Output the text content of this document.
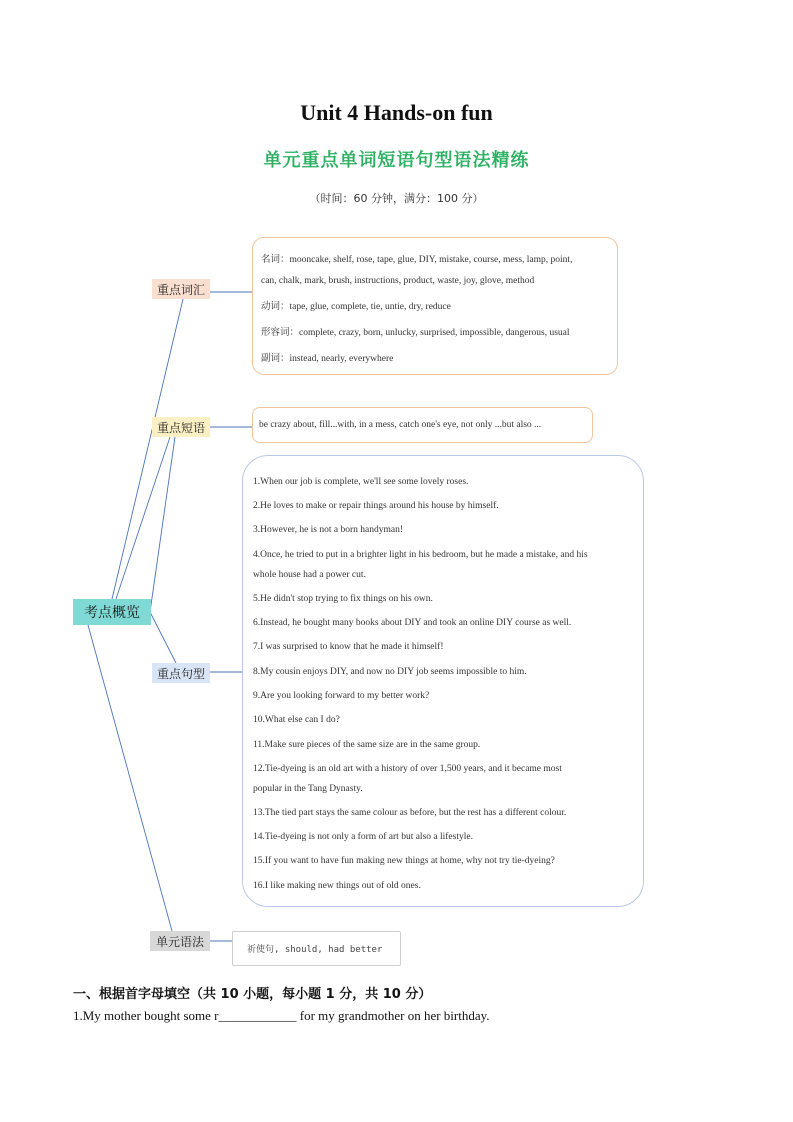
Unit 4 Hands-on fun
单元重点单词短语句型语法精练
（时间：60 分钟，满分：100 分）
考点概览
重点词汇
重点短语
重点句型
单元语法
名词：mooncake, shelf, rose, tape, glue, DIY, mistake, course, mess, lamp, point,
can, chalk, mark, brush, instructions, product, waste, joy, glove, method
动词：tape, glue, complete, tie, untie, dry, reduce
形容词：complete, crazy, born, unlucky, surprised, impossible, dangerous, usual
副词：instead, nearly, everywhere
be crazy about, fill...with, in a mess, catch one's eye, not only ...but also ...
1.When our job is complete, we'll see some lovely roses.
2.He loves to make or repair things around his house by himself.
3.However, he is not a born handyman!
4.Once, he tried to put in a brighter light in his bedroom, but he made a mistake, and his
whole house had a power cut.
5.He didn't stop trying to fix things on his own.
6.Instead, he bought many books about DIY and took an online DIY course as well.
7.I was surprised to know that he made it himself!
8.My cousin enjoys DIY, and now no DIY job seems impossible to him.
9.Are you looking forward to my better work?
10.What else can I do?
11.Make sure pieces of the same size are in the same group.
12.Tie-dyeing is an old art with a history of over 1,500 years, and it became most
popular in the Tang Dynasty.
13.The tied part stays the same colour as before, but the rest has a different colour.
14.Tie-dyeing is not only a form of art but also a lifestyle.
15.If you want to have fun making new things at home, why not try tie-dyeing?
16.I like making new things out of old ones.
祈使句, should, had better
一、根据首字母填空（共 10 小题，每小题 1 分，共 10 分）
1.My mother bought some r____________ for my grandmother on her birthday.
